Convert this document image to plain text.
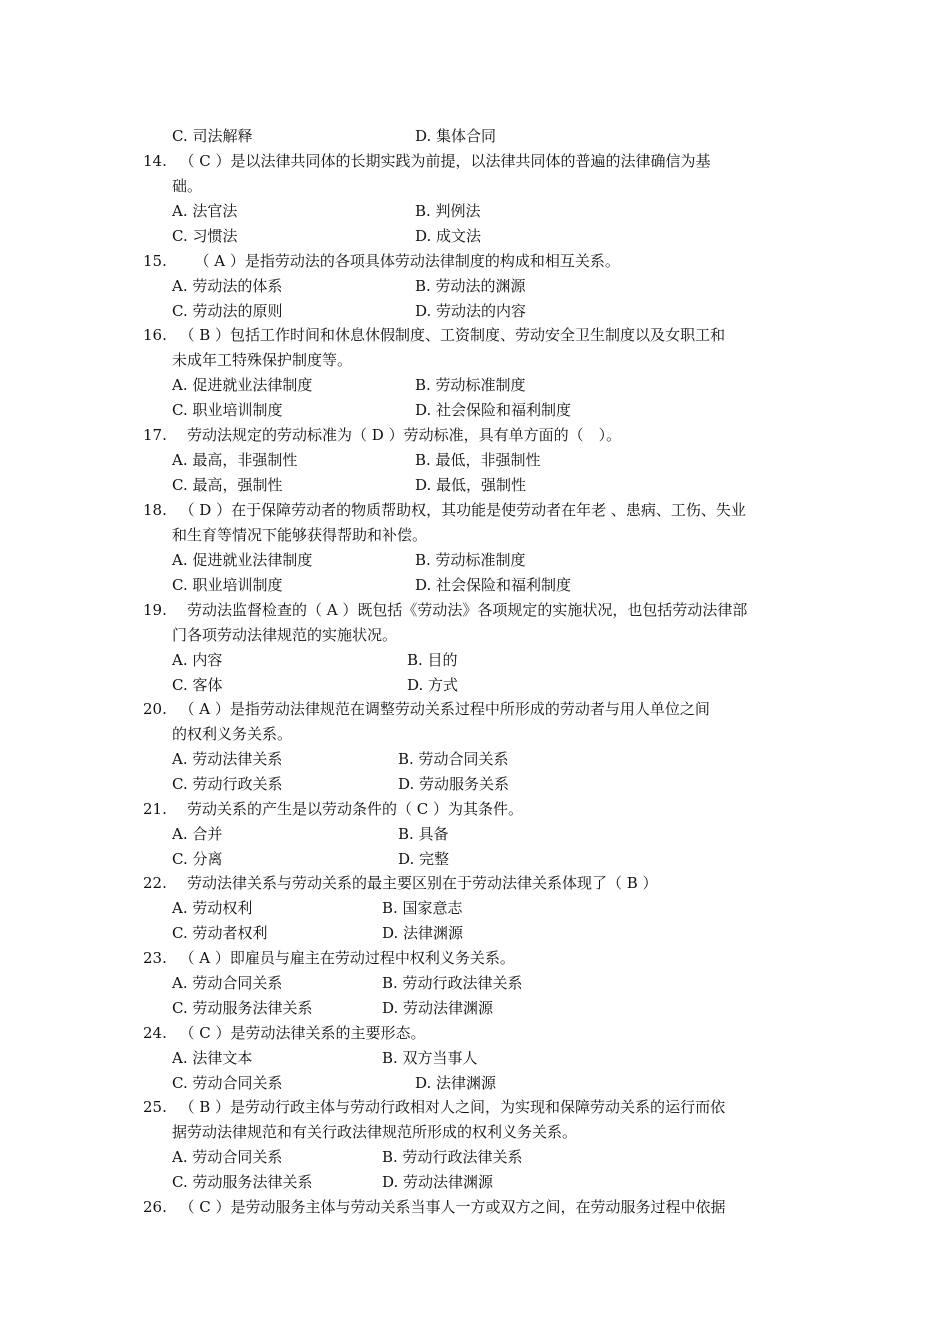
C. 司法解释	D. 集体合同
14. 　（ C ）是以法律共同体的长期实践为前提，以法律共同体的普遍的法律确信为基
础。
A. 法官法	B. 判例法
C. 习惯法	D. 成文法
15. 　　（ A ）是指劳动法的各项具体劳动法律制度的构成和相互关系。
A. 劳动法的体系	B. 劳动法的渊源
C. 劳动法的原则	D. 劳动法的内容
16. 　（ B ）包括工作时间和休息休假制度、工资制度、劳动安全卫生制度以及女职工和
未成年工特殊保护制度等。
A. 促进就业法律制度	B. 劳动标准制度
C. 职业培训制度	D. 社会保险和福利制度
17. 　劳动法规定的劳动标准为（ D ）劳动标准，具有单方面的（　）。
A. 最高，非强制性	B. 最低，非强制性
C. 最高，强制性	D. 最低，强制性
18. 　（ D ）在于保障劳动者的物质帮助权，其功能是使劳动者在年老 、患病、工伤、失业
和生育等情况下能够获得帮助和补偿。
A. 促进就业法律制度	B. 劳动标准制度
C. 职业培训制度	D. 社会保险和福利制度
19. 　劳动法监督检查的（ A ）既包括《劳动法》各项规定的实施状况，也包括劳动法律部
门各项劳动法律规范的实施状况。
A. 内容	B. 目的
C. 客体	D. 方式
20. 　（ A ）是指劳动法律规范在调整劳动关系过程中所形成的劳动者与用人单位之间
的权利义务关系。
A. 劳动法律关系	B. 劳动合同关系
C. 劳动行政关系	D. 劳动服务关系
21. 　劳动关系的产生是以劳动条件的（ C ）为其条件。
A. 合并	B. 具备
C. 分离	D. 完整
22. 　劳动法律关系与劳动关系的最主要区别在于劳动法律关系体现了（ B ）
A. 劳动权利	B. 国家意志
C. 劳动者权利	D. 法律渊源
23. 　（ A ）即雇员与雇主在劳动过程中权利义务关系。
A. 劳动合同关系	B. 劳动行政法律关系
C. 劳动服务法律关系	D. 劳动法律渊源
24. 　（ C ）是劳动法律关系的主要形态。
A. 法律文本	B. 双方当事人
C. 劳动合同关系	D. 法律渊源
25. 　（ B ）是劳动行政主体与劳动行政相对人之间，为实现和保障劳动关系的运行而依
据劳动法律规范和有关行政法律规范所形成的权利义务关系。
A. 劳动合同关系	B. 劳动行政法律关系
C. 劳动服务法律关系	D. 劳动法律渊源
26. 　（ C ）是劳动服务主体与劳动关系当事人一方或双方之间，在劳动服务过程中依据
